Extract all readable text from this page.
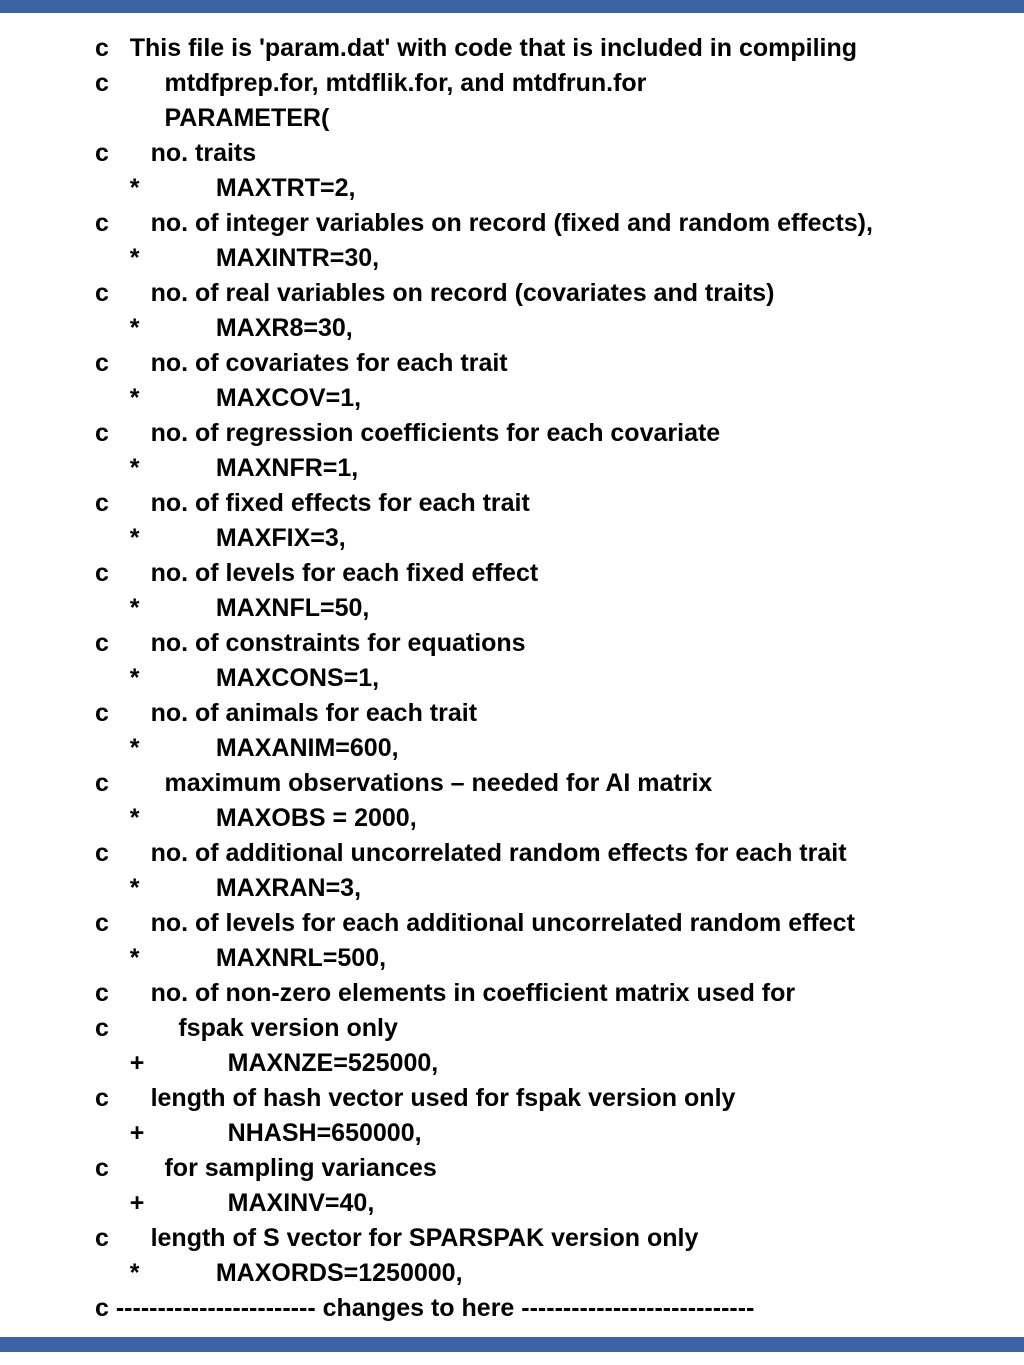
c   This file is 'param.dat' with code that is included in compiling
c        mtdfprep.for, mtdflik.for, and mtdfrun.for
PARAMETER(
c      no. traits
*           MAXTRT=2,
c      no. of integer variables on record (fixed and random effects),
*           MAXINTR=30,
c      no. of real variables on record (covariates and traits)
*           MAXR8=30,
c      no. of covariates for each trait
*           MAXCOV=1,
c      no. of regression coefficients for each covariate
*           MAXNFR=1,
c      no. of fixed effects for each trait
*           MAXFIX=3,
c      no. of levels for each fixed effect
*           MAXNFL=50,
c      no. of constraints for equations
*           MAXCONS=1,
c      no. of animals for each trait
*           MAXANIM=600,
c        maximum observations – needed for AI matrix
*           MAXOBS = 2000,
c      no. of additional uncorrelated random effects for each trait
*           MAXRAN=3,
c      no. of levels for each additional uncorrelated random effect
*           MAXNRL=500,
c      no. of non-zero elements in coefficient matrix used for
c          fspak version only
+            MAXNZE=525000,
c      length of hash vector used for fspak version only
+            NHASH=650000,
c        for sampling variances
+            MAXINV=40,
c      length of S vector for SPARSPAK version only
*           MAXORDS=1250000,
c ------------------------ changes to here ----------------------------
